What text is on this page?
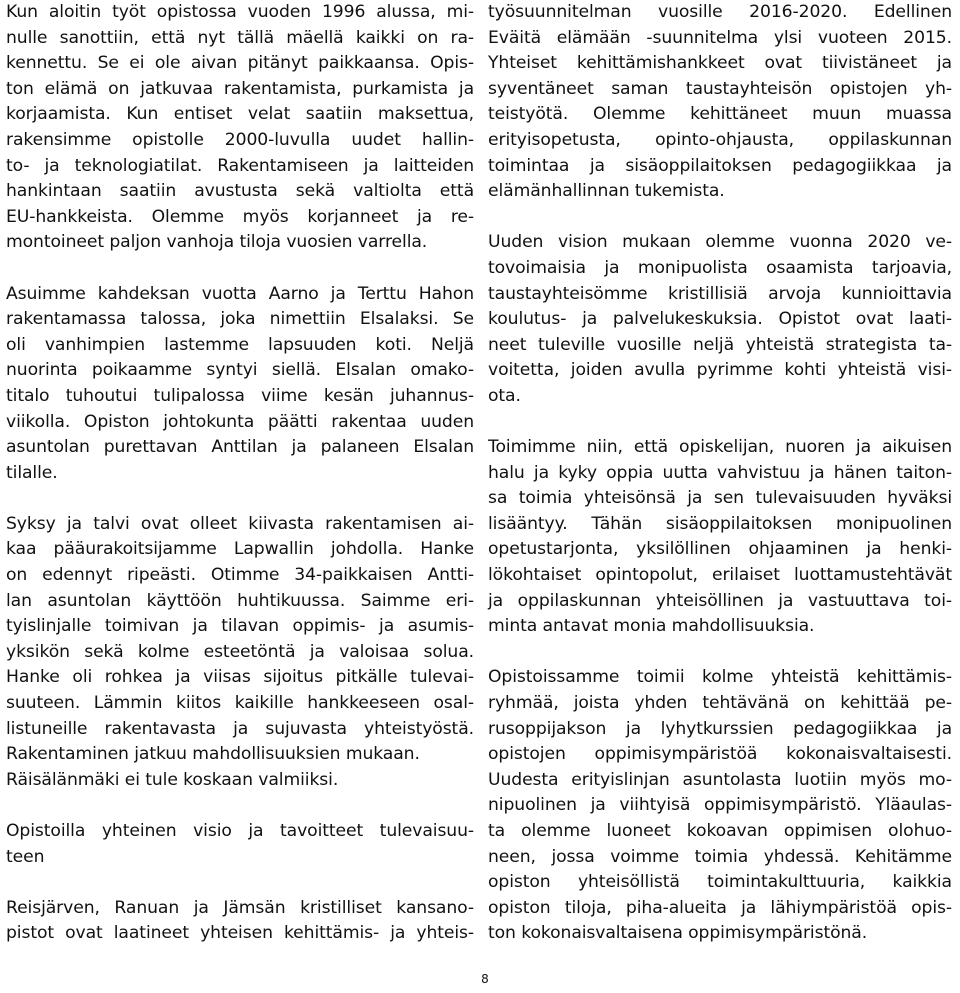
Kun aloitin työt opistossa vuoden 1996 alussa, mi-
nulle sanottiin, että nyt tällä mäellä kaikki on ra-
kennettu. Se ei ole aivan pitänyt paikkaansa. Opis-
ton elämä on jatkuvaa rakentamista, purkamista ja
korjaamista. Kun entiset velat saatiin maksettua,
rakensimme opistolle 2000-luvulla uudet hallin-
to- ja teknologiatilat. Rakentamiseen ja laitteiden
hankintaan saatiin avustusta sekä valtiolta että
EU-hankkeista. Olemme myös korjanneet ja re-
montoineet paljon vanhoja tiloja vuosien varrella.
Asuimme kahdeksan vuotta Aarno ja Terttu Hahon
rakentamassa talossa, joka nimettiin Elsalaksi. Se
oli vanhimpien lastemme lapsuuden koti. Neljä
nuorinta poikaamme syntyi siellä. Elsalan omako-
titalo tuhoutui tulipalossa viime kesän juhannus-
viikolla. Opiston johtokunta päätti rakentaa uuden
asuntolan purettavan Anttilan ja palaneen Elsalan
tilalle.
Syksy ja talvi ovat olleet kiivasta rakentamisen ai-
kaa pääurakoitsijamme Lapwallin johdolla. Hanke
on edennyt ripeästi. Otimme 34-paikkaisen Antti-
lan asuntolan käyttöön huhtikuussa. Saimme eri-
tyislinjalle toimivan ja tilavan oppimis- ja asumis-
yksikön sekä kolme esteetöntä ja valoisaa solua.
Hanke oli rohkea ja viisas sijoitus pitkälle tulevai-
suuteen. Lämmin kiitos kaikille hankkeeseen osal-
listuneille rakentavasta ja sujuvasta yhteistyöstä.
Rakentaminen jatkuu mahdollisuuksien mukaan.
Räisälänmäki ei tule koskaan valmiiksi.
Opistoilla yhteinen visio ja tavoitteet tulevaisuu-
teen
Reisjärven, Ranuan ja Jämsän kristilliset kansano-
pistot ovat laatineet yhteisen kehittämis- ja yhteis-
työsuunnitelman vuosille 2016-2020. Edellinen
Eväitä elämään -suunnitelma ylsi vuoteen 2015.
Yhteiset kehittämishankkeet ovat tiivistäneet ja
syventäneet saman taustayhteisön opistojen yh-
teistyötä. Olemme kehittäneet muun muassa
erityisopetusta, opinto-ohjausta, oppilaskunnan
toimintaa ja sisäoppilaitoksen pedagogiikkaa ja
elämänhallinnan tukemista.
Uuden vision mukaan olemme vuonna 2020 ve-
tovoimaisia ja monipuolista osaamista tarjoavia,
taustayhteisömme kristillisiä arvoja kunnioittavia
koulutus- ja palvelukeskuksia. Opistot ovat laati-
neet tuleville vuosille neljä yhteistä strategista ta-
voitetta, joiden avulla pyrimme kohti yhteistä visi-
ota.
Toimimme niin, että opiskelijan, nuoren ja aikuisen
halu ja kyky oppia uutta vahvistuu ja hänen taiton-
sa toimia yhteisönsä ja sen tulevaisuuden hyväksi
lisääntyy. Tähän sisäoppilaitoksen monipuolinen
opetustarjonta, yksilöllinen ohjaaminen ja henki-
lökohtaiset opintopolut, erilaiset luottamustehtävät
ja oppilaskunnan yhteisöllinen ja vastuuttava toi-
minta antavat monia mahdollisuuksia.
Opistoissamme toimii kolme yhteistä kehittämis-
ryhmää, joista yhden tehtävänä on kehittää pe-
rusoppijakson ja lyhytkurssien pedagogiikkaa ja
opistojen oppimisympäristöä kokonaisvaltaisesti.
Uudesta erityislinjan asuntolasta luotiin myös mo-
nipuolinen ja viihtyisä oppimisympäristö. Yläaulas-
ta olemme luoneet kokoavan oppimisen olohuo-
neen, jossa voimme toimia yhdessä. Kehitämme
opiston yhteisöllistä toimintakulttuuria, kaikkia
opiston tiloja, piha-alueita ja lähiympäristöä opis-
ton kokonaisvaltaisena oppimisympäristönä.
8
